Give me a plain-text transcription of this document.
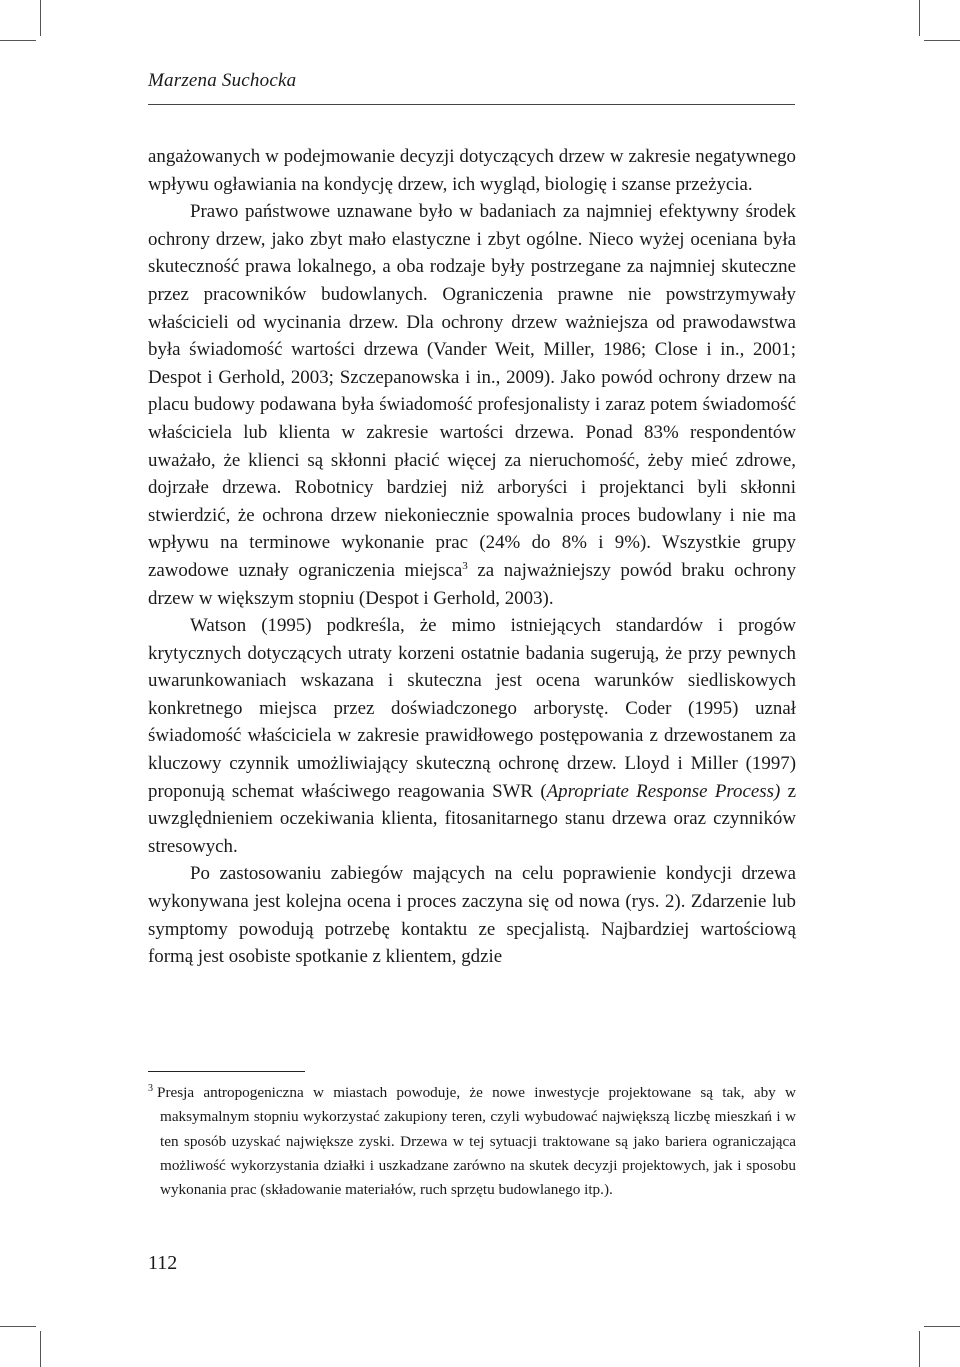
Marzena Suchocka

angażowanych w podejmowanie decyzji dotyczących drzew w zakresie negatywnego wpływu ogławiania na kondycję drzew, ich wygląd, biologię i szanse przeżycia.

Prawo państwowe uznawane było w badaniach za najmniej efektywny środek ochrony drzew, jako zbyt mało elastyczne i zbyt ogólne. Nieco wyżej oceniana była skuteczność prawa lokalnego, a oba rodzaje były postrzegane za najmniej skuteczne przez pracowników budowlanych. Ograniczenia prawne nie powstrzymywały właścicieli od wycinania drzew. Dla ochrony drzew ważniejsza od prawodawstwa była świadomość wartości drzewa (Vander Weit, Miller, 1986; Close i in., 2001; Despot i Gerhold, 2003; Szczepanowska i in., 2009). Jako powód ochrony drzew na placu budowy podawana była świadomość profesjonalisty i zaraz potem świadomość właściciela lub klienta w zakresie wartości drzewa. Ponad 83% respondentów uważało, że klienci są skłonni płacić więcej za nieruchomość, żeby mieć zdrowe, dojrzałe drzewa. Robotnicy bardziej niż arboryści i projektanci byli skłonni stwierdzić, że ochrona drzew niekoniecznie spowalnia proces budowlany i nie ma wpływu na terminowe wykonanie prac (24% do 8% i 9%). Wszystkie grupy zawodowe uznały ograniczenia miejsca$^3$ za najważniejszy powód braku ochrony drzew w większym stopniu (Despot i Gerhold, 2003).

Watson (1995) podkreśla, że mimo istniejących standardów i progów krytycznych dotyczących utraty korzeni ostatnie badania sugerują, że przy pewnych uwarunkowaniach wskazana i skuteczna jest ocena warunków siedliskowych konkretnego miejsca przez doświadczonego arborystę. Coder (1995) uznał świadomość właściciela w zakresie prawidłowego postępowania z drzewostanem za kluczowy czynnik umożliwiający skuteczną ochronę drzew. Lloyd i Miller (1997) proponują schemat właściwego reagowania SWR (Apropriate Response Process) z uwzględnieniem oczekiwania klienta, fitosanitarnego stanu drzewa oraz czynników stresowych.

Po zastosowaniu zabiegów mających na celu poprawienie kondycji drzewa wykonywana jest kolejna ocena i proces zaczyna się od nowa (rys. 2). Zdarzenie lub symptomy powodują potrzebę kontaktu ze specjalistą. Najbardziej wartościową formą jest osobiste spotkanie z klientem, gdzie

$^3$ Presja antropogeniczna w miastach powoduje, że nowe inwestycje projektowane są tak, aby w maksymalnym stopniu wykorzystać zakupiony teren, czyli wybudować największą liczbę mieszkań i w ten sposób uzyskać największe zyski. Drzewa w tej sytuacji traktowane są jako bariera ograniczająca możliwość wykorzystania działki i uszkadzane zarówno na skutek decyzji projektowych, jak i sposobu wykonania prac (składowanie materiałów, ruch sprzętu budowlanego itp.).
112
